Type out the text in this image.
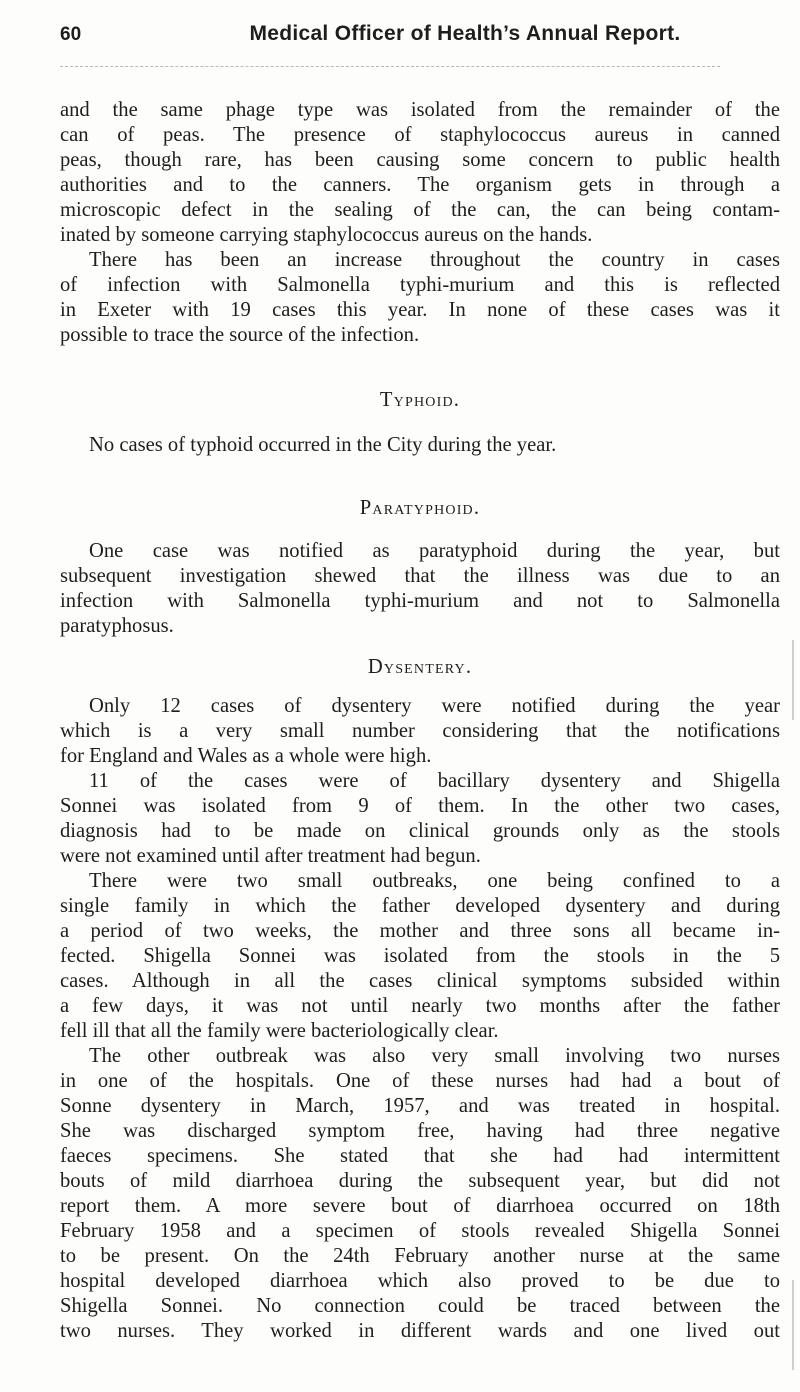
60	Medical Officer of Health’s Annual Report.
and the same phage type was isolated from the remainder of the
can of peas. The presence of staphylococcus aureus in canned
peas, though rare, has been causing some concern to public health
authorities and to the canners. The organism gets in through a
microscopic defect in the sealing of the can, the can being contam-
inated by someone carrying staphylococcus aureus on the hands.
There has been an increase throughout the country in cases
of infection with Salmonella typhi-murium and this is reflected
in Exeter with 19 cases this year. In none of these cases was it
possible to trace the source of the infection.
Typhoid.
No cases of typhoid occurred in the City during the year.
Paratyphoid.
One case was notified as paratyphoid during the year, but
subsequent investigation shewed that the illness was due to an
infection with Salmonella typhi-murium and not to Salmonella
paratyphosus.
Dysentery.
Only 12 cases of dysentery were notified during the year
which is a very small number considering that the notifications
for England and Wales as a whole were high.
11 of the cases were of bacillary dysentery and Shigella
Sonnei was isolated from 9 of them. In the other two cases,
diagnosis had to be made on clinical grounds only as the stools
were not examined until after treatment had begun.
There were two small outbreaks, one being confined to a
single family in which the father developed dysentery and during
a period of two weeks, the mother and three sons all became in-
fected. Shigella Sonnei was isolated from the stools in the 5
cases. Although in all the cases clinical symptoms subsided within
a few days, it was not until nearly two months after the father
fell ill that all the family were bacteriologically clear.
The other outbreak was also very small involving two nurses
in one of the hospitals. One of these nurses had had a bout of
Sonne dysentery in March, 1957, and was treated in hospital.
She was discharged symptom free, having had three negative
faeces specimens. She stated that she had had intermittent
bouts of mild diarrhoea during the subsequent year, but did not
report them. A more severe bout of diarrhoea occurred on 18th
February 1958 and a specimen of stools revealed Shigella Sonnei
to be present. On the 24th February another nurse at the same
hospital developed diarrhoea which also proved to be due to
Shigella Sonnei. No connection could be traced between the
two nurses. They worked in different wards and one lived out
